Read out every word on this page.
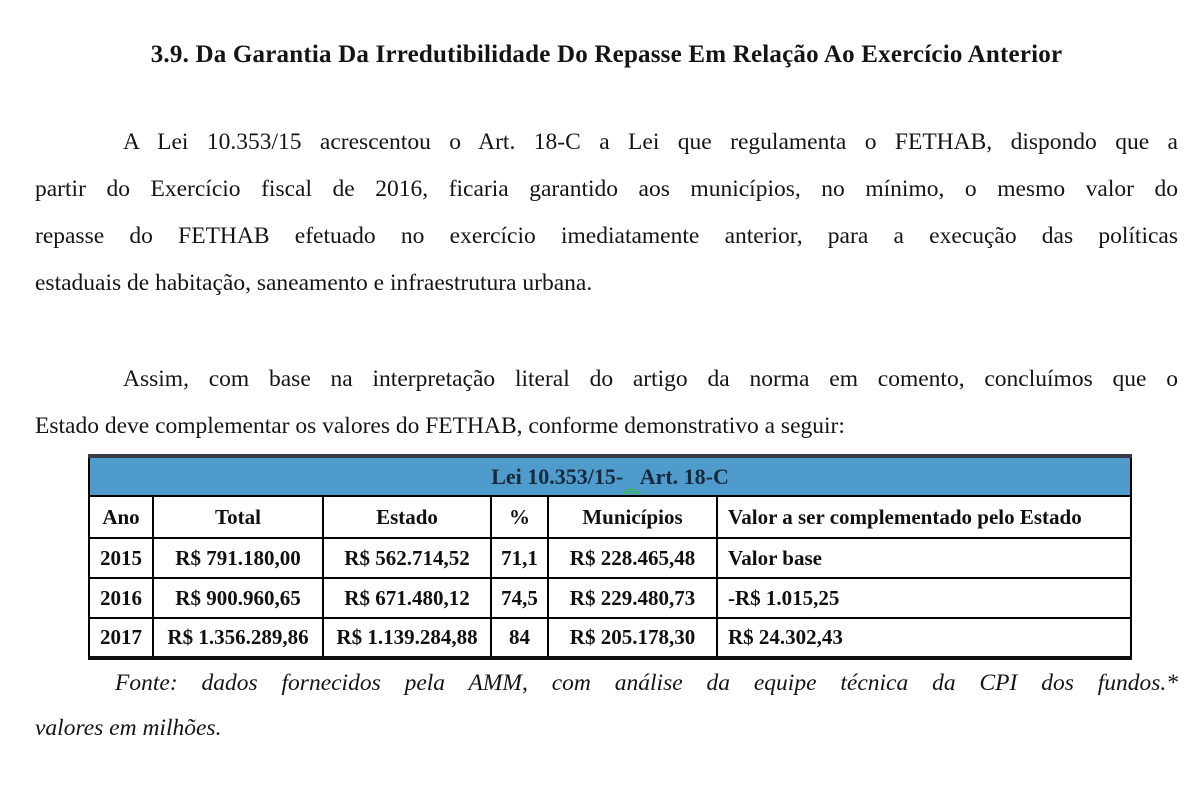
3.9. Da Garantia Da Irredutibilidade Do Repasse Em Relação Ao Exercício Anterior
A Lei 10.353/15 acrescentou o Art. 18-C a Lei que regulamenta o FETHAB, dispondo que a
partir do Exercício fiscal de 2016, ficaria garantido aos municípios, no mínimo, o mesmo valor do
repasse do FETHAB efetuado no exercício imediatamente anterior, para a execução das políticas
estaduais de habitação, saneamento e infraestrutura urbana.
Assim, com base na interpretação literal do artigo da norma em comento, concluímos que o
Estado deve complementar os valores do FETHAB, conforme demonstrativo a seguir:
Lei 10.353/15- Art. 18-C					
Ano	Total	Estado	%	Municípios	Valor a ser complementado pelo Estado
2015	R$ 791.180,00	R$ 562.714,52	71,1	R$ 228.465,48	Valor base
2016	R$ 900.960,65	R$ 671.480,12	74,5	R$ 229.480,73	-R$ 1.015,25
2017	R$ 1.356.289,86	R$ 1.139.284,88	84	R$ 205.178,30	R$ 24.302,43
Fonte: dados fornecidos pela AMM, com análise da equipe técnica da CPI dos fundos.*
valores em milhões.
